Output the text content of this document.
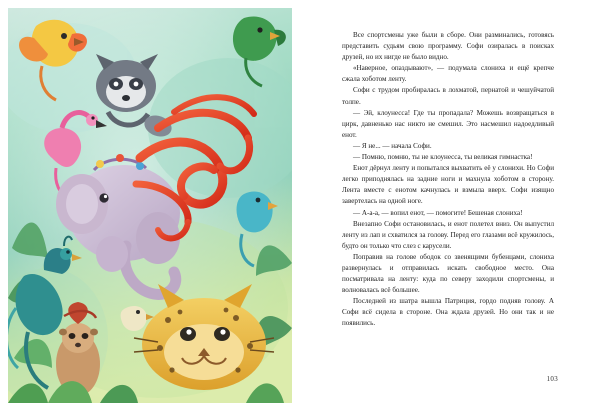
Все спортсмены уже были в сборе. Они разминались, готовясь представить судьям свою программу. Софи озиралась в поисках друзей, но их нигде не было видно.

«Наверное, опаздывают», — подумала слониха и ещё крепче сжала хоботом ленту.

Софи с трудом пробиралась в лохматой, пернатой и чешуйчатой толпе.

— Эй, клоунесса! Где ты пропадала? Можешь возвращаться в цирк, давненько нас никто не смешил. Это насмешил надоедливый енот.

— Я не... — начала Софи.

— Помню, помню, ты не клоунесса, ты великая гимнастка!

Енот дёрнул ленту и попытался выхватить её у слонихи. Но Софи легко приподнялась на задние ноги и махнула хоботом в сторону. Лента вместе с енотом качнулась и взмыла вверх. Софи изящно завертелась на одной ноге.

— А-а-а, — вопил енот, — помогите! Бешеная слониха!

Внезапно Софи остановилась, и енот полетел вниз. Он выпустил ленту из лап и схватился за голову. Перед его глазами всё кружилось, будто он только что слез с карусели.

Поправив на голове ободок со звенящими бубенцами, слониха развернулась и отправилась искать свободное место. Она посматривала на ленту: куда по северу заходили спортсмены, и волновалась всё большее.

Последней из шатра вышла Патриция, гордо подняв голову. А Софи всё сидела в стороне. Она ждала друзей. Но они так и не появились.

103
